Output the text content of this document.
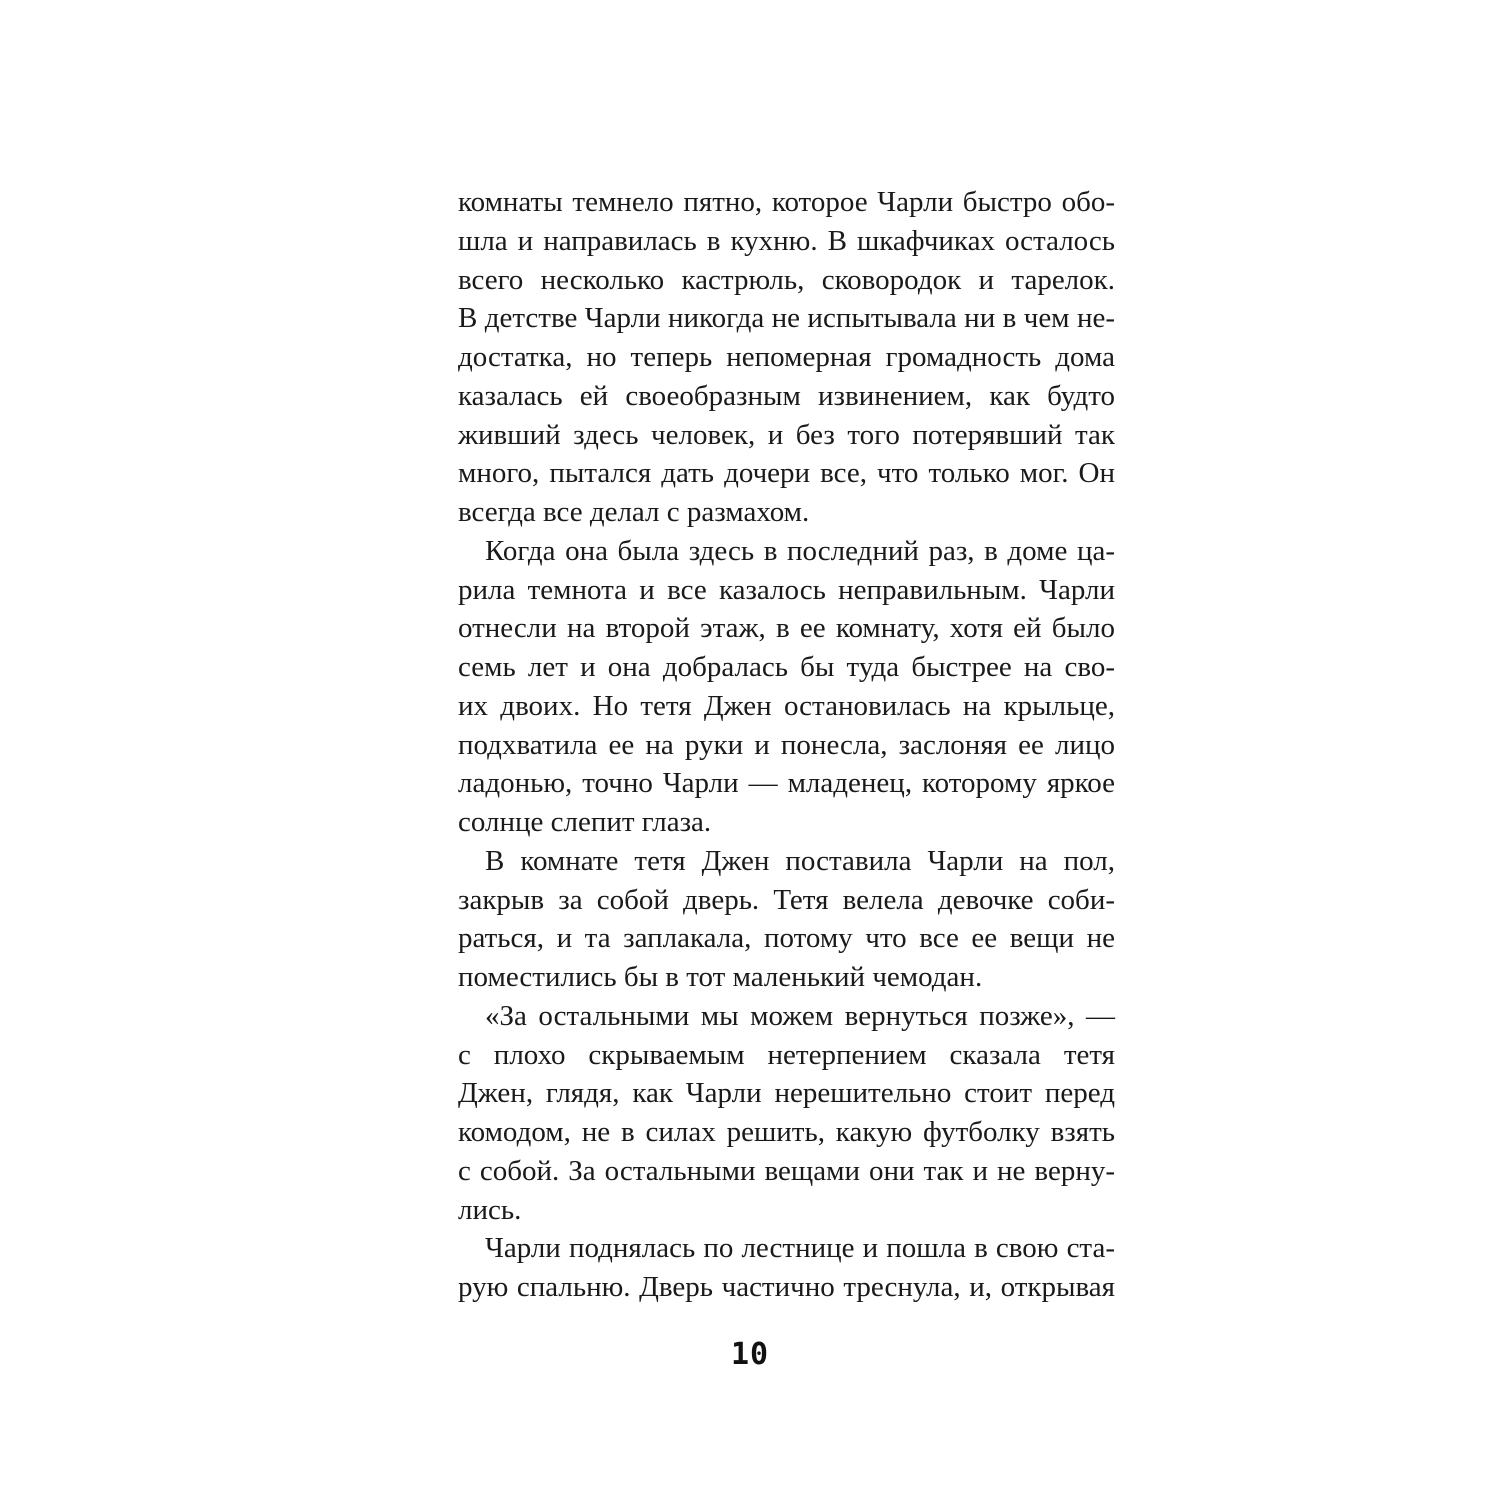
комнаты темнело пятно, которое Чарли быстро обо-
шла и направилась в кухню. В шкафчиках осталось
всего несколько кастрюль, сковородок и тарелок.
В детстве Чарли никогда не испытывала ни в чем не-
достатка, но теперь непомерная громадность дома
казалась ей своеобразным извинением, как будто
живший здесь человек, и без того потерявший так
много, пытался дать дочери все, что только мог. Он
всегда все делал с размахом.
Когда она была здесь в последний раз, в доме ца-
рила темнота и все казалось неправильным. Чарли
отнесли на второй этаж, в ее комнату, хотя ей было
семь лет и она добралась бы туда быстрее на сво-
их двоих. Но тетя Джен остановилась на крыльце,
подхватила ее на руки и понесла, заслоняя ее лицо
ладонью, точно Чарли — младенец, которому яркое
солнце слепит глаза.
В комнате тетя Джен поставила Чарли на пол,
закрыв за собой дверь. Тетя велела девочке соби-
раться, и та заплакала, потому что все ее вещи не
поместились бы в тот маленький чемодан.
«За остальными мы можем вернуться позже», —
с плохо скрываемым нетерпением сказала тетя
Джен, глядя, как Чарли нерешительно стоит перед
комодом, не в силах решить, какую футболку взять
с собой. За остальными вещами они так и не верну-
лись.
Чарли поднялась по лестнице и пошла в свою ста-
рую спальню. Дверь частично треснула, и, открывая
10
